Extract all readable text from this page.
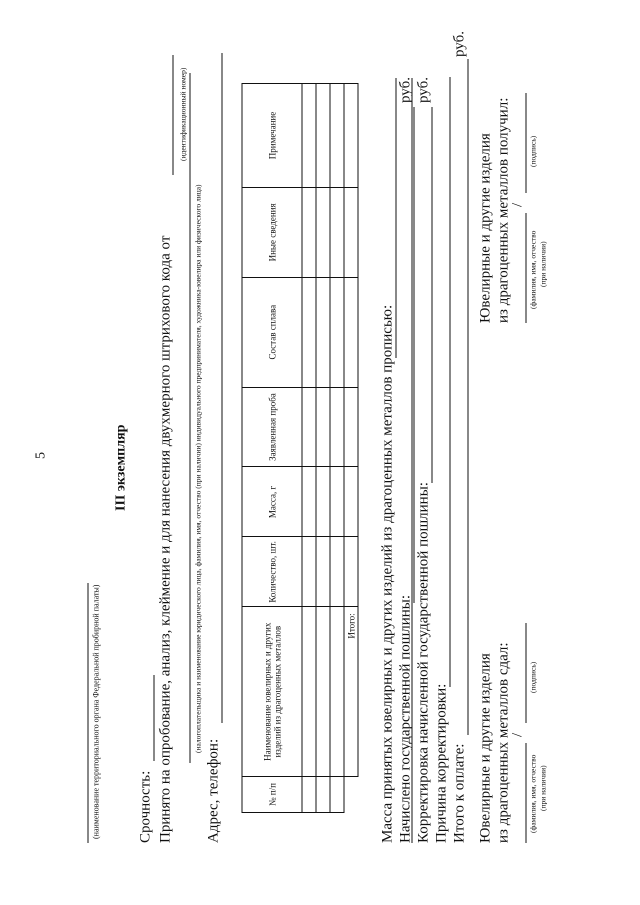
5
(наименование территориального органа Федеральной пробирной палаты)
III экземпляр
Срочность: Принято на опробование, анализ, клеймение и для нанесения двухмерного штрихового кода от
(идентификационный номер)
(налогоплательщика и наименование юридического лица, фамилия, имя, отчество (при наличии) индивидуального предпринимателя, художника-ювелира или физического лица)
Адрес, телефон:	№ п/п	Наименование ювелирных и других изделий из драгоценных металлов	Количество, шт.	Масса, г	Заявленная проба	Состав сплава	Иные сведения	Примечание

	Итого:						Масса принятых ювелирных и других изделий из драгоценных металлов прописью: Начислено государственной пошлины:
руб.
Корректировка начисленной государственной пошлины:
руб.
Причина корректировки: Итого к оплате:
руб.
Ювелирные и другие изделия из драгоценных металлов сдал:
/
(фамилия, имя, отчество (при наличии)
(подпись)
Ювелирные и другие изделия из драгоценных металлов получил:
/
(фамилия, имя, отчество (при наличии)
(подпись)
